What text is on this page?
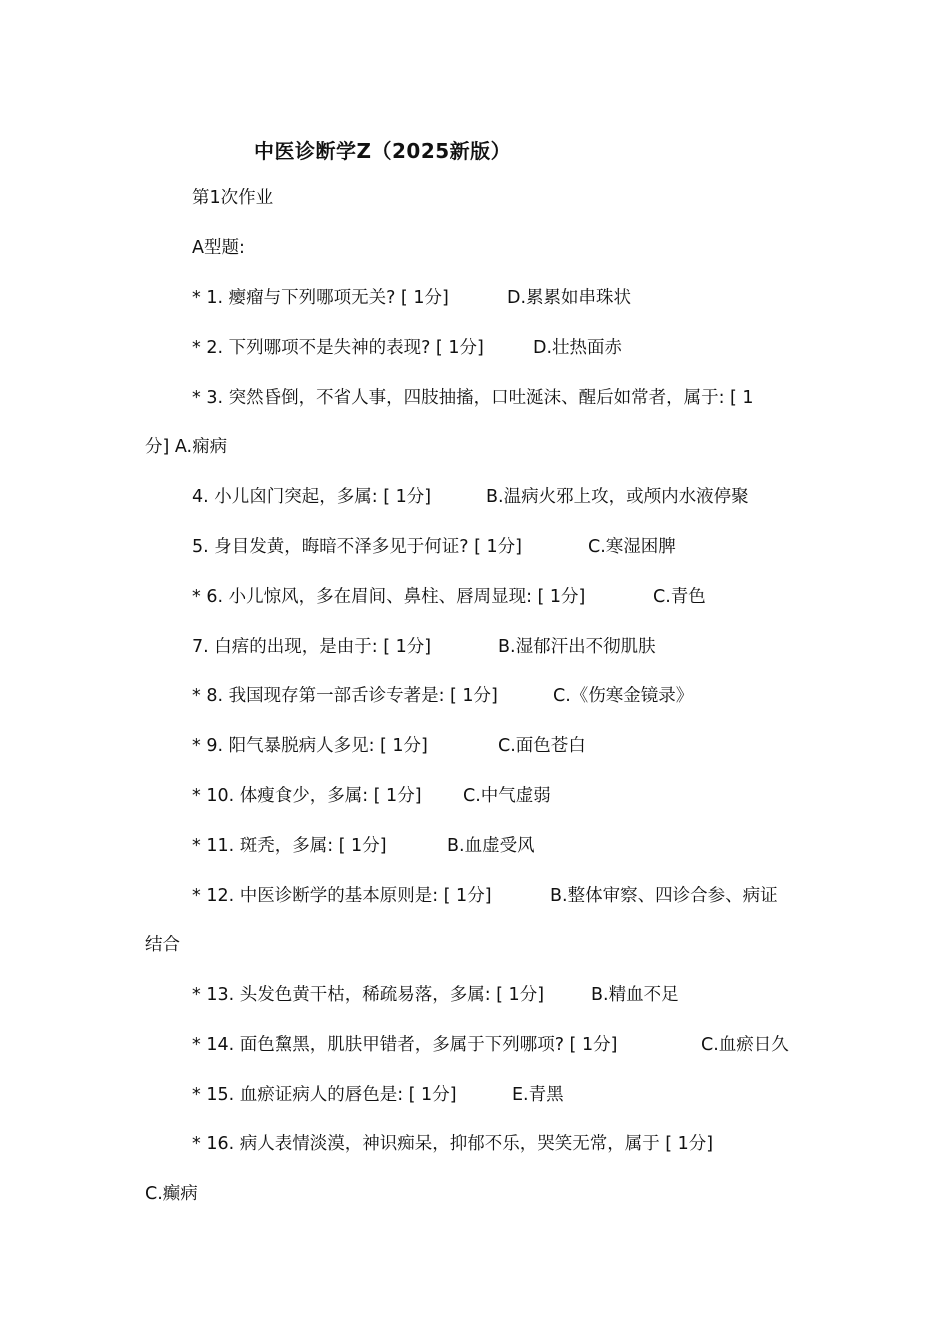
中医诊断学Z（2025新版）
第1次作业
A型题:
* 1. 瘿瘤与下列哪项无关? [ 1分]	D.累累如串珠状
* 2. 下列哪项不是失神的表现? [ 1分]	D.壮热面赤
* 3. 突然昏倒，不省人事，四肢抽搐，口吐涎沫、醒后如常者，属于: [ 1
分] A.痫病
4. 小儿囟门突起，多属: [ 1分]	B.温病火邪上攻，或颅内水液停聚
5. 身目发黄，晦暗不泽多见于何证? [ 1分]	C.寒湿困脾
* 6. 小儿惊风，多在眉间、鼻柱、唇周显现: [ 1分]	C.青色
7. 白痦的出现，是由于: [ 1分]	B.湿郁汗出不彻肌肤
* 8. 我国现存第一部舌诊专著是: [ 1分]	C.《伤寒金镜录》
* 9. 阳气暴脱病人多见: [ 1分]	C.面色苍白
* 10. 体瘦食少，多属: [ 1分] C.中气虚弱
* 11. 斑秃，多属: [ 1分]	B.血虚受风
* 12. 中医诊断学的基本原则是: [ 1分]	B.整体审察、四诊合参、病证
结合
* 13. 头发色黄干枯，稀疏易落，多属: [ 1分]	B.精血不足
* 14. 面色黧黑，肌肤甲错者，多属于下列哪项? [ 1分]	C.血瘀日久
* 15. 血瘀证病人的唇色是: [ 1分]	E.青黑
* 16. 病人表情淡漠，神识痴呆，抑郁不乐，哭笑无常，属于 [ 1分]
C.癫病
